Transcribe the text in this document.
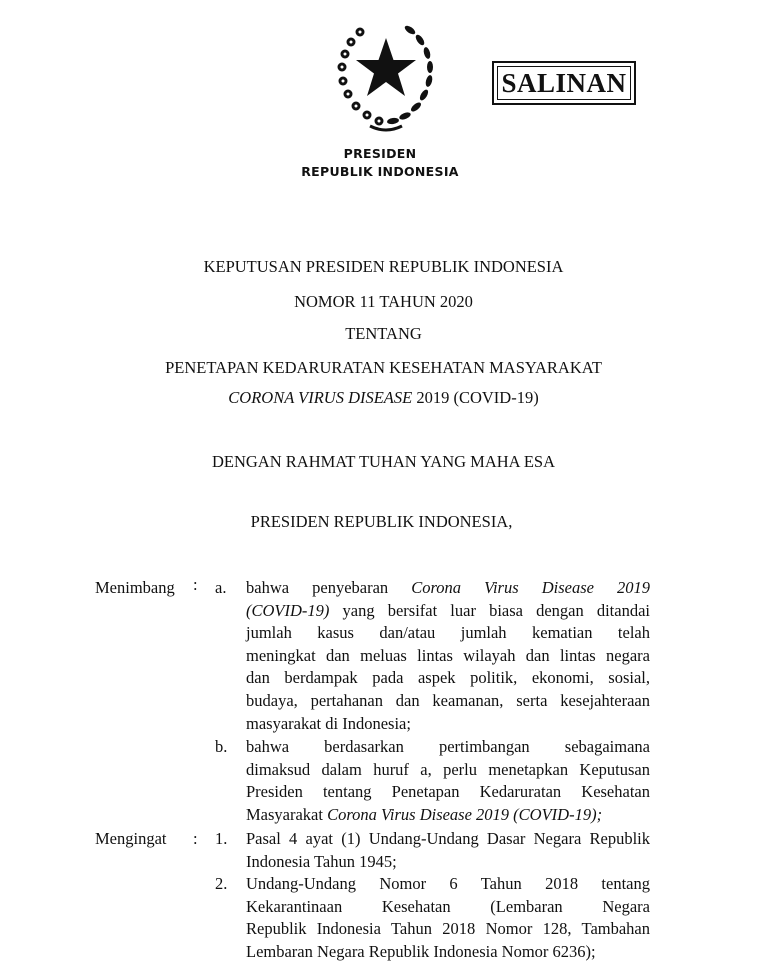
PRESIDEN
REPUBLIK INDONESIA
SALINAN
KEPUTUSAN PRESIDEN REPUBLIK INDONESIA
NOMOR 11 TAHUN 2020
TENTANG
PENETAPAN KEDARURATAN KESEHATAN MASYARAKAT
CORONA VIRUS DISEASE 2019 (COVID-19)
DENGAN RAHMAT TUHAN YANG MAHA ESA
PRESIDEN REPUBLIK INDONESIA,
Menimbang : a. bahwa penyebaran Corona Virus Disease 2019
(COVID-19) yang bersifat luar biasa dengan ditandai
jumlah kasus dan/atau jumlah kematian telah
meningkat dan meluas lintas wilayah dan lintas negara
dan berdampak pada aspek politik, ekonomi, sosial,
budaya, pertahanan dan keamanan, serta kesejahteraan
masyarakat di Indonesia;
b. bahwa berdasarkan pertimbangan sebagaimana
dimaksud dalam huruf a, perlu menetapkan Keputusan
Presiden tentang Penetapan Kedaruratan Kesehatan
Masyarakat Corona Virus Disease 2019 (COVID-19);
Mengingat : 1. Pasal 4 ayat (1) Undang-Undang Dasar Negara Republik
Indonesia Tahun 1945;
2. Undang-Undang Nomor 6 Tahun 2018 tentang
Kekarantinaan Kesehatan (Lembaran Negara
Republik Indonesia Tahun 2018 Nomor 128, Tambahan
Lembaran Negara Republik Indonesia Nomor 6236);
